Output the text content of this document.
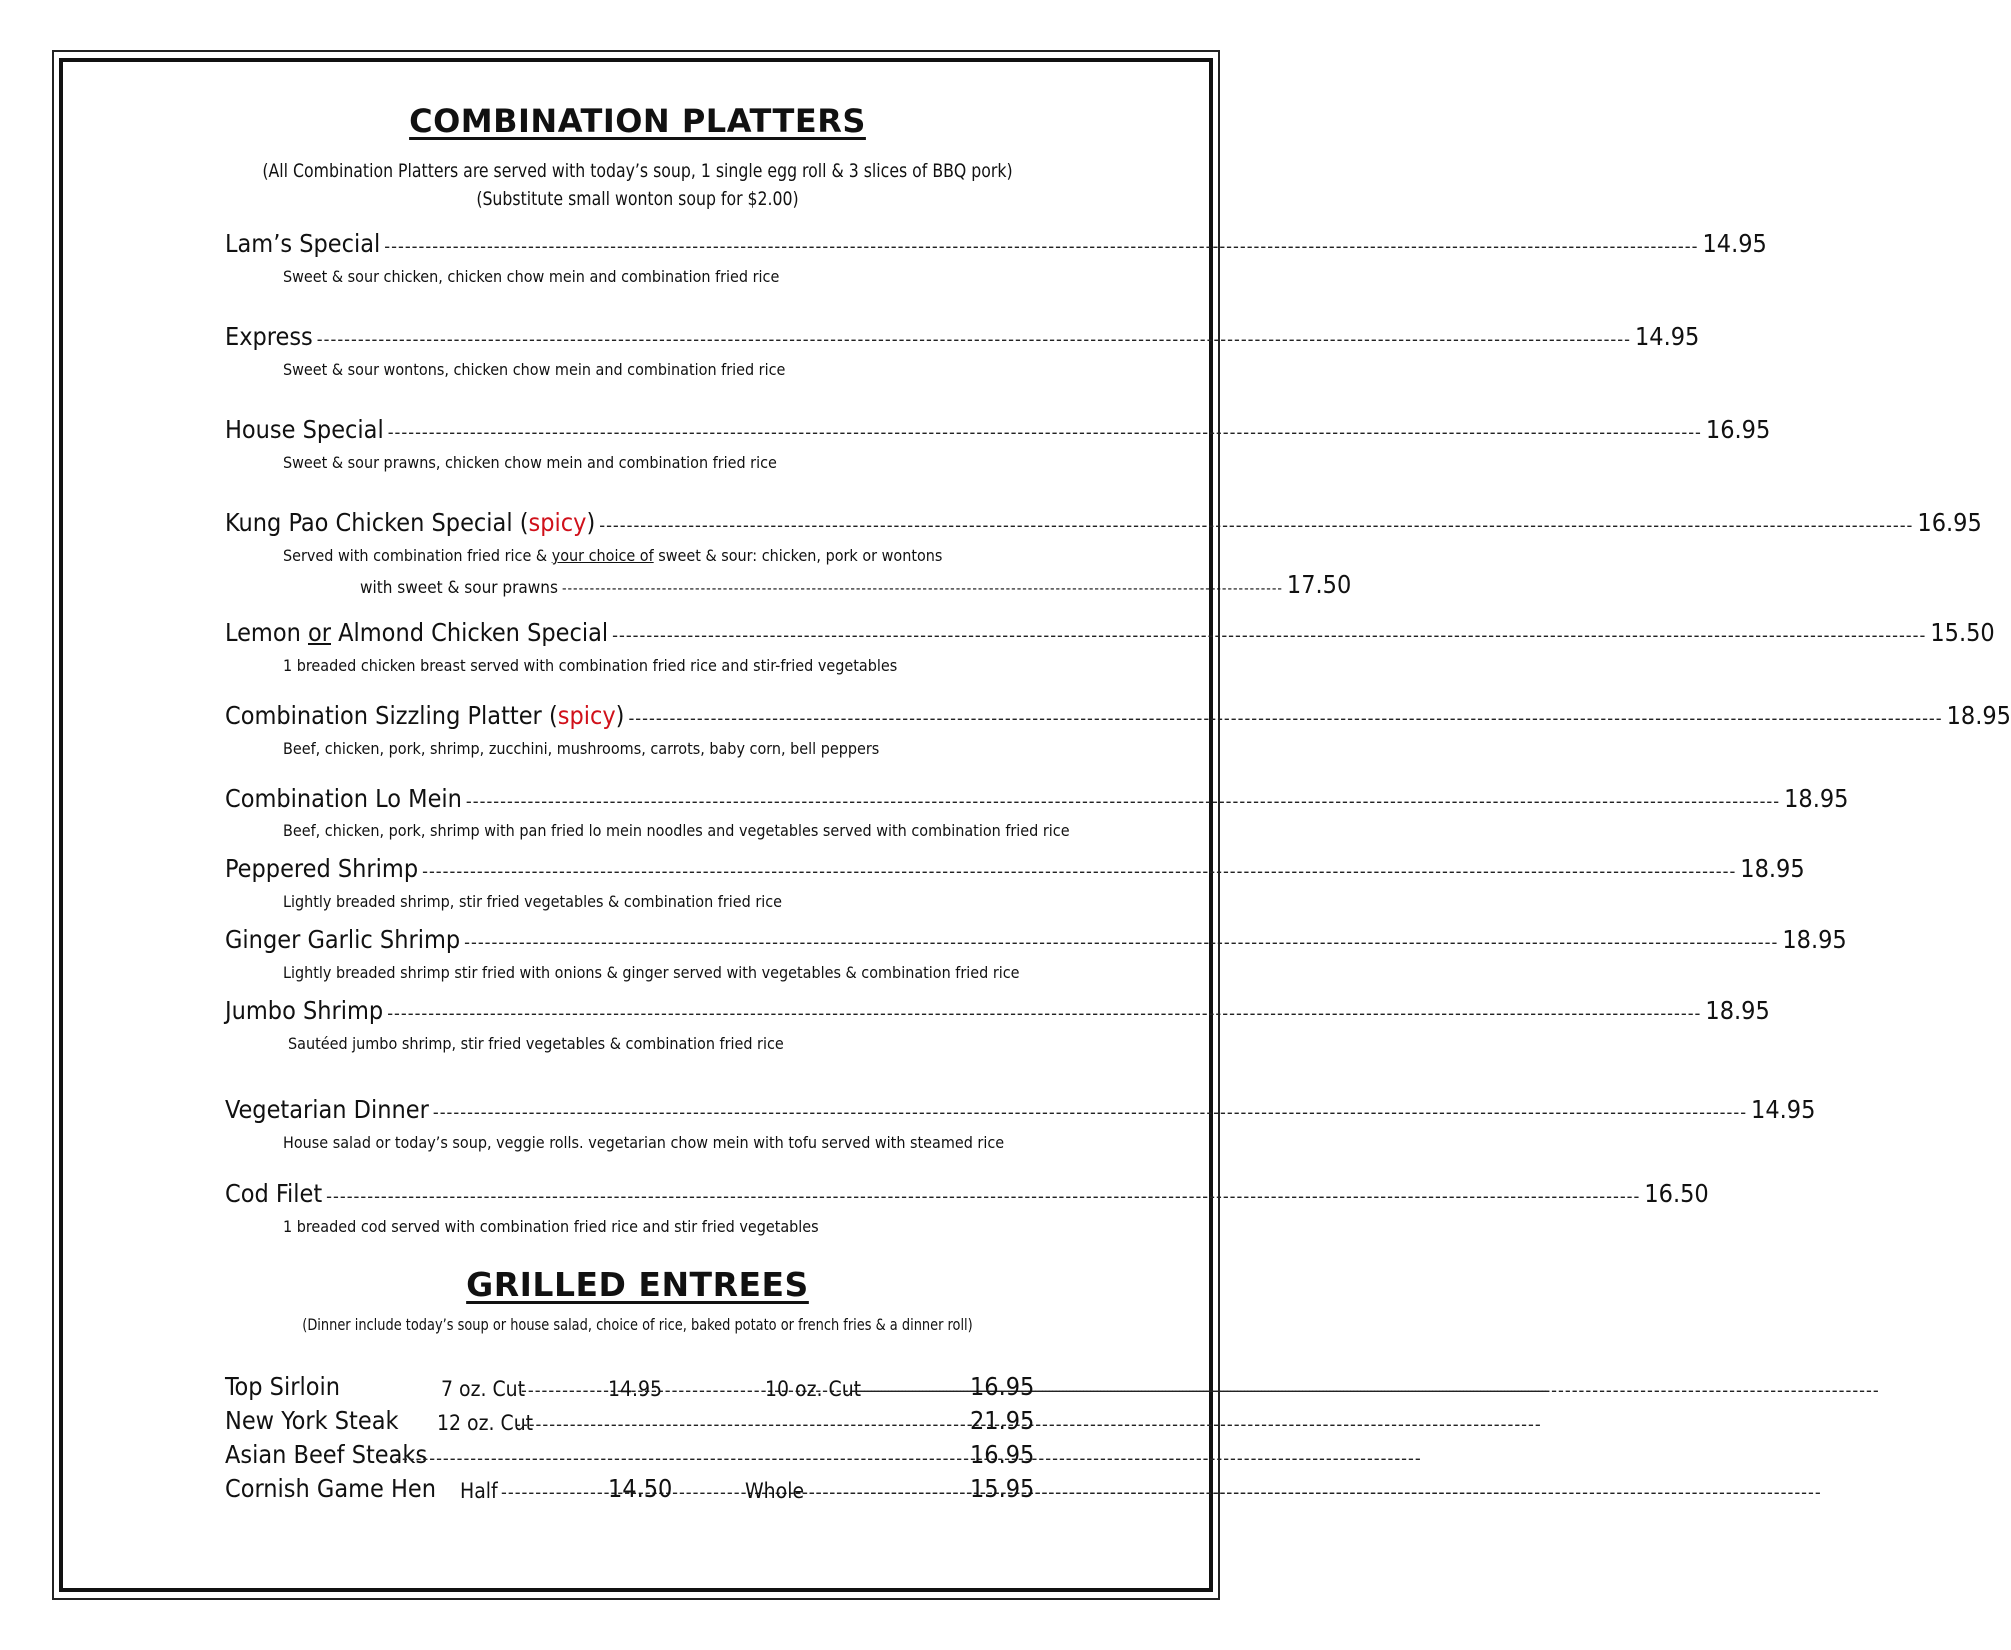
COMBINATION PLATTERS
(All Combination Platters are served with today’s soup, 1 single egg roll & 3 slices of BBQ pork)
(Substitute small wonton soup for $2.00)
Lam’s Special -----	14.95
Sweet & sour chicken, chicken chow mein and combination fried rice
Express -----	14.95
Sweet & sour wontons, chicken chow mein and combination fried rice
House Special -----	16.95
Sweet & sour prawns, chicken chow mein and combination fried rice
Kung Pao Chicken Special (spicy) -----	16.95
Served with combination fried rice & your choice of sweet & sour: chicken, pork or wontons
with sweet & sour prawns ---------------------------------------------------------------------------------------------------------------------------------- 17.50
Lemon or Almond Chicken Special -----	15.50
1 breaded chicken breast served with combination fried rice and stir-fried vegetables
Combination Sizzling Platter (spicy) -----	18.95
Beef, chicken, pork, shrimp, zucchini, mushrooms, carrots, baby corn, bell peppers
Combination Lo Mein -----	18.95
Beef, chicken, pork, shrimp with pan fried lo mein noodles and vegetables served with combination fried rice
Peppered Shrimp -----	18.95
Lightly breaded shrimp, stir fried vegetables & combination fried rice
Ginger Garlic Shrimp -----	18.95
Lightly breaded shrimp stir fried with onions & ginger served with vegetables & combination fried rice
Jumbo Shrimp -----	18.95
Sautéed jumbo shrimp, stir fried vegetables & combination fried rice
Vegetarian Dinner -----	14.95
House salad or today’s soup, veggie rolls. vegetarian chow mein with tofu served with steamed rice
Cod Filet -----	16.50
1 breaded cod served with combination fried rice and stir fried vegetables
GRILLED ENTREES
(Dinner include today’s soup or house salad, choice of rice, baked potato or french fries & a dinner roll)
Top Sirloin	7 oz. Cut -----	14.95	10 oz. Cut -----	16.95
New York Steak 12 oz. Cut -----	21.95
Asian Beef Steaks -----	16.95
Cornish Game Hen Half -----	14.50	Whole -----	15.95
